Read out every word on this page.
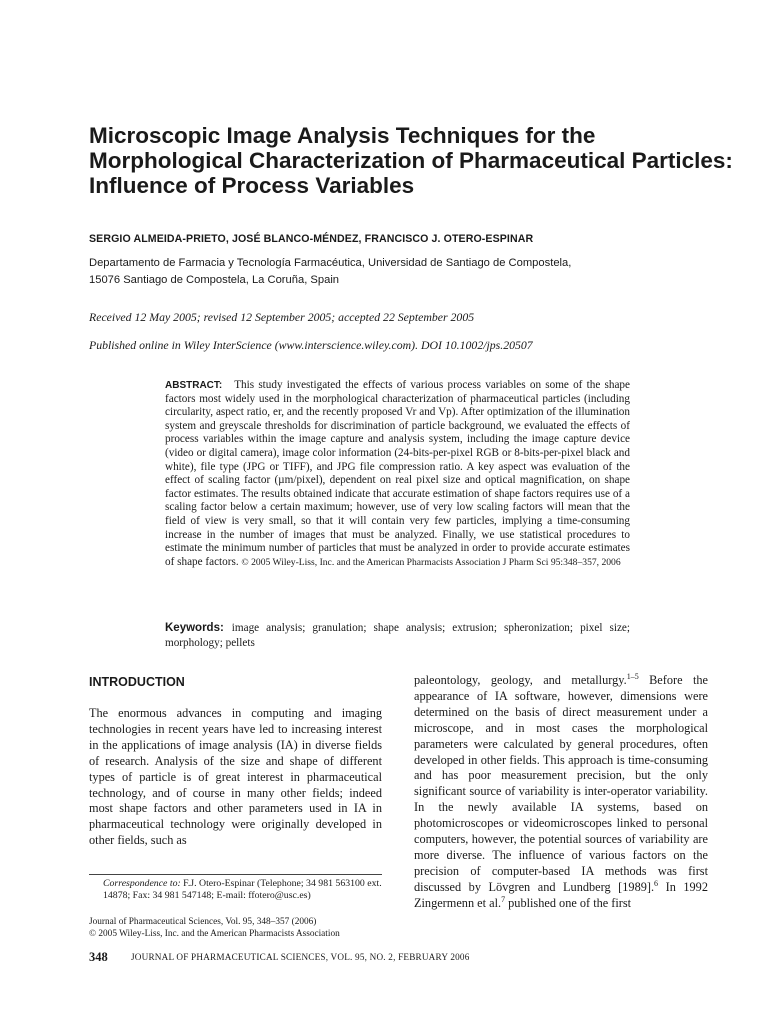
Microscopic Image Analysis Techniques for the
Morphological Characterization of Pharmaceutical Particles:
Influence of Process Variables
SERGIO ALMEIDA-PRIETO, JOSÉ BLANCO-MÉNDEZ, FRANCISCO J. OTERO-ESPINAR
Departamento de Farmacia y Tecnología Farmacéutica, Universidad de Santiago de Compostela,
15076 Santiago de Compostela, La Coruña, Spain
Received 12 May 2005; revised 12 September 2005; accepted 22 September 2005
Published online in Wiley InterScience (www.interscience.wiley.com). DOI 10.1002/jps.20507
ABSTRACT: This study investigated the effects of various process variables on some of the shape factors most widely used in the morphological characterization of pharmaceutical particles (including circularity, aspect ratio, er, and the recently proposed Vr and Vp). After optimization of the illumination system and greyscale thresholds for discrimination of particle background, we evaluated the effects of process variables within the image capture and analysis system, including the image capture device (video or digital camera), image color information (24-bits-per-pixel RGB or 8-bits-per-pixel black and white), file type (JPG or TIFF), and JPG file compression ratio. A key aspect was evaluation of the effect of scaling factor (µm/pixel), dependent on real pixel size and optical magnification, on shape factor estimates. The results obtained indicate that accurate estimation of shape factors requires use of a scaling factor below a certain maximum; however, use of very low scaling factors will mean that the field of view is very small, so that it will contain very few particles, implying a time-consuming increase in the number of images that must be analyzed. Finally, we use statistical procedures to estimate the minimum number of particles that must be analyzed in order to provide accurate estimates of shape factors. © 2005 Wiley-Liss, Inc. and the American Pharmacists Association J Pharm Sci 95:348–357, 2006
Keywords: image analysis; granulation; shape analysis; extrusion; spheronization; pixel size; morphology; pellets
INTRODUCTION
The enormous advances in computing and imaging technologies in recent years have led to increasing interest in the applications of image analysis (IA) in diverse fields of research. Analysis of the size and shape of different types of particle is of great interest in pharmaceutical technology, and of course in many other fields; indeed most shape factors and other parameters used in IA in pharmaceutical technology were originally developed in other fields, such as
paleontology, geology, and metallurgy.$^{1-5}$ Before the appearance of IA software, however, dimensions were determined on the basis of direct measurement under a microscope, and in most cases the morphological parameters were calculated by general procedures, often developed in other fields. This approach is time-consuming and has poor measurement precision, but the only significant source of variability is inter-operator variability. In the newly available IA systems, based on photomicroscopes or videomicroscopes linked to personal computers, however, the potential sources of variability are more diverse. The influence of various factors on the precision of computer-based IA methods was first discussed by Lövgren and Lundberg [1989].$^6$ In 1992 Zingermenn et al.$^7$ published one of the first
Correspondence to: F.J. Otero-Espinar (Telephone; 34 981 563100 ext. 14878; Fax: 34 981 547148; E-mail: ffotero@usc.es)
Journal of Pharmaceutical Sciences, Vol. 95, 348–357 (2006)
© 2005 Wiley-Liss, Inc. and the American Pharmacists Association
348	JOURNAL OF PHARMACEUTICAL SCIENCES, VOL. 95, NO. 2, FEBRUARY 2006
